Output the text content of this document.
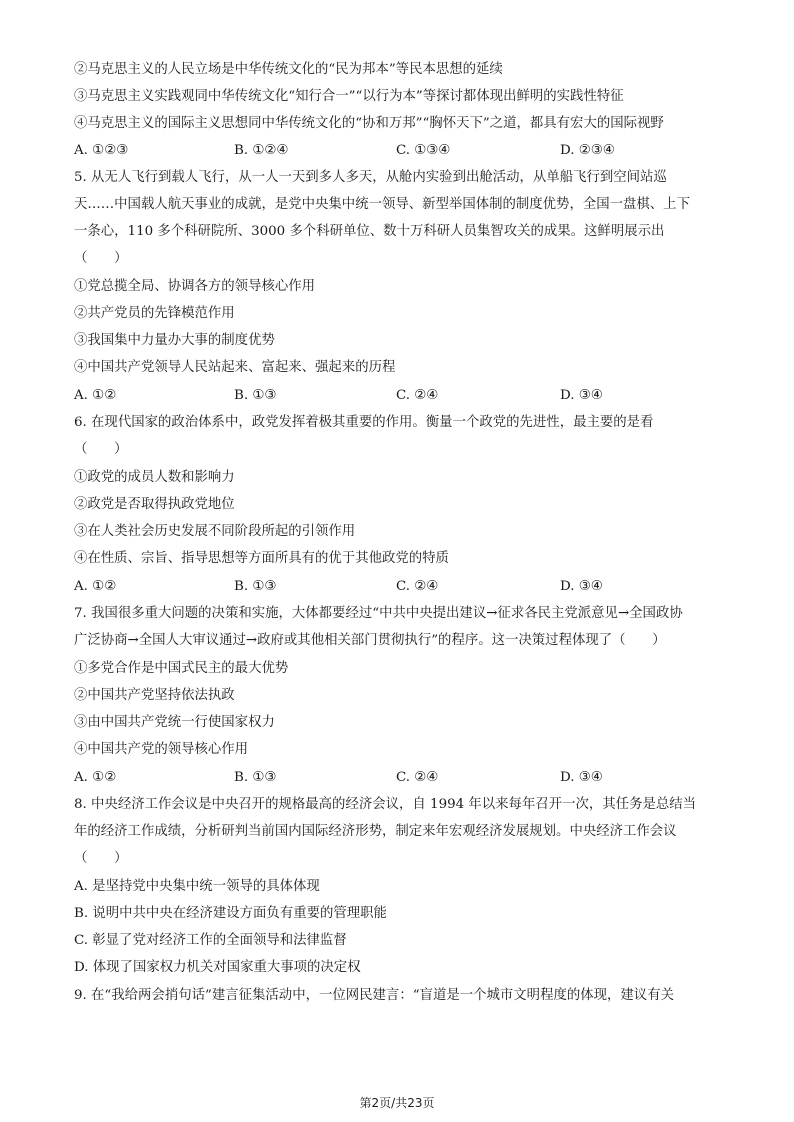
②马克思主义的人民立场是中华传统文化的“民为邦本”等民本思想的延续
③马克思主义实践观同中华传统文化“知行合一”“以行为本”等探讨都体现出鲜明的实践性特征
④马克思主义的国际主义思想同中华传统文化的“协和万邦”“胸怀天下”之道，都具有宏大的国际视野
A. ①②③	B. ①②④	C. ①③④	D. ②③④
5. 从无人飞行到载人飞行，从一人一天到多人多天，从舱内实验到出舱活动，从单船飞行到空间站巡
天……中国载人航天事业的成就，是党中央集中统一领导、新型举国体制的制度优势，全国一盘棋、上下
一条心，110 多个科研院所、3000 多个科研单位、数十万科研人员集智攻关的成果。这鲜明展示出
（　　）
①党总揽全局、协调各方的领导核心作用
②共产党员的先锋模范作用
③我国集中力量办大事的制度优势
④中国共产党领导人民站起来、富起来、强起来的历程
A. ①②	B. ①③	C. ②④	D. ③④
6. 在现代国家的政治体系中，政党发挥着极其重要的作用。衡量一个政党的先进性，最主要的是看
（　　）
①政党的成员人数和影响力
②政党是否取得执政党地位
③在人类社会历史发展不同阶段所起的引领作用
④在性质、宗旨、指导思想等方面所具有的优于其他政党的特质
A. ①②	B. ①③	C. ②④	D. ③④
7. 我国很多重大问题的决策和实施，大体都要经过“中共中央提出建议→征求各民主党派意见→全国政协
广泛协商→全国人大审议通过→政府或其他相关部门贯彻执行”的程序。这一决策过程体现了（　　）
①多党合作是中国式民主的最大优势
②中国共产党坚持依法执政
③由中国共产党统一行使国家权力
④中国共产党的领导核心作用
A. ①②	B. ①③	C. ②④	D. ③④
8. 中央经济工作会议是中央召开的规格最高的经济会议，自 1994 年以来每年召开一次，其任务是总结当
年的经济工作成绩，分析研判当前国内国际经济形势，制定来年宏观经济发展规划。中央经济工作会议
（　　）
A. 是坚持党中央集中统一领导的具体体现
B. 说明中共中央在经济建设方面负有重要的管理职能
C. 彰显了党对经济工作的全面领导和法律监督
D. 体现了国家权力机关对国家重大事项的决定权
9. 在“我给两会捎句话”建言征集活动中，一位网民建言：“盲道是一个城市文明程度的体现，建议有关
第2页/共23页
